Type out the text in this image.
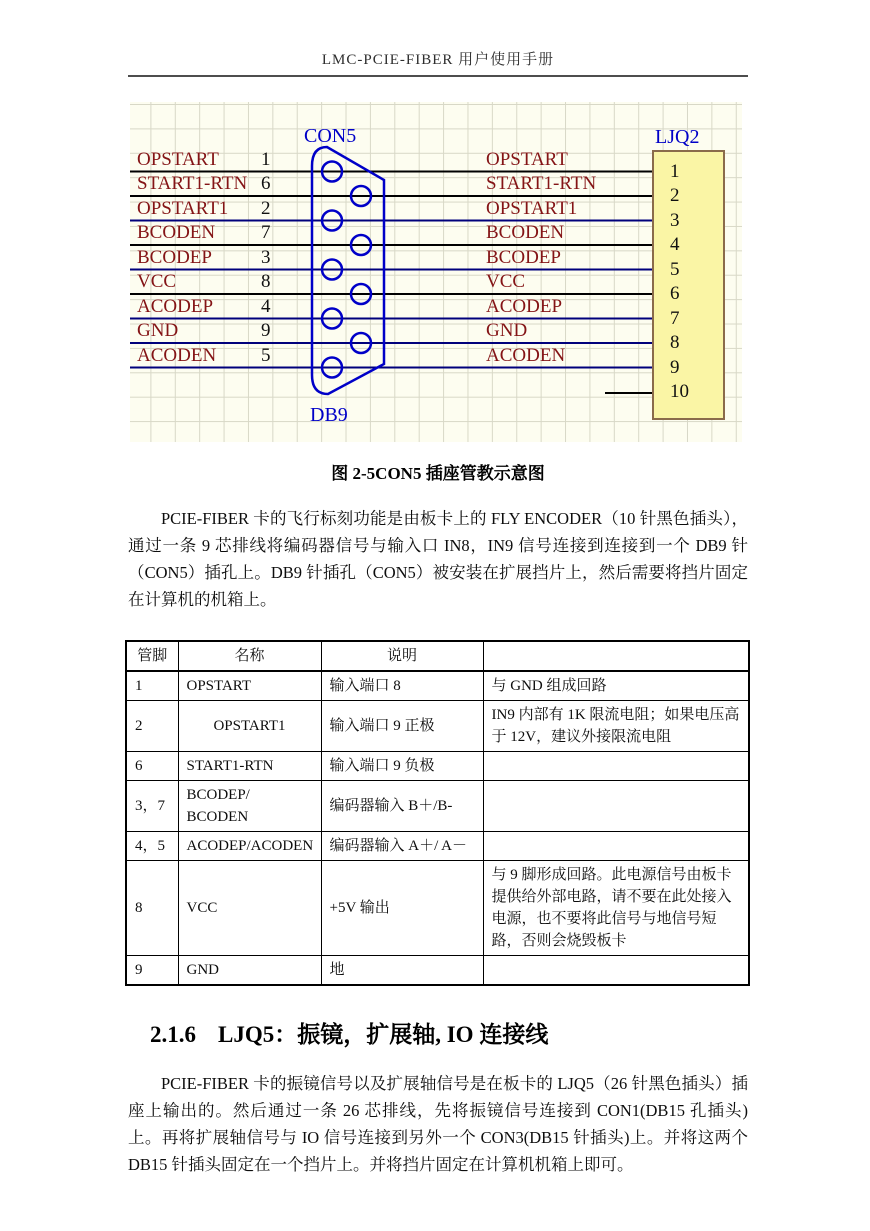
LMC-PCIE-FIBER 用户使用手册
CON5
DB9
LJQ2
1
2
3
4
5
6
7
8
9
10
OPSTART 1	OPSTART
START1-RTN 6	START1-RTN
OPSTART1 2	OPSTART1
BCODEN 7	BCODEN
BCODEP	3	BCODEP
VCC	8	VCC
ACODEP	4	ACODEP
GND	9	GND
ACODEN 5	ACODEN
图 2-5CON5 插座管教示意图
PCIE-FIBER 卡的飞行标刻功能是由板卡上的 FLY ENCODER（10 针黑色插头），通过一条 9 芯排线将编码器信号与输入口 IN8，IN9 信号连接到连接到一个 DB9 针（CON5）插孔上。DB9 针插孔（CON5）被安装在扩展挡片上，然后需要将挡片固定在计算机的机箱上。
管脚	名称	说明	
1	OPSTART	输入端口 8	与 GND 组成回路
2	OPSTART1	输入端口 9 正极	IN9 内部有 1K 限流电阻；如果电压高于 12V，建议外接限流电阻
6	START1-RTN	输入端口 9 负极	
3，7	BCODEP/ BCODEN	编码器输入 B＋/B-	
4，5	ACODEP/ACODEN	编码器输入 A＋/ A－	
8	VCC	+5V 输出	与 9 脚形成回路。此电源信号由板卡提供给外部电路，请不要在此处接入电源，也不要将此信号与地信号短路，否则会烧毁板卡
9	GND	地	
2.1.6 LJQ5：振镜，扩展轴, IO 连接线
PCIE-FIBER 卡的振镜信号以及扩展轴信号是在板卡的 LJQ5（26 针黑色插头）插座上输出的。然后通过一条 26 芯排线，先将振镜信号连接到 CON1(DB15 孔插头)上。再将扩展轴信号与 IO 信号连接到另外一个 CON3(DB15 针插头)上。并将这两个 DB15 针插头固定在一个挡片上。并将挡片固定在计算机机箱上即可。
